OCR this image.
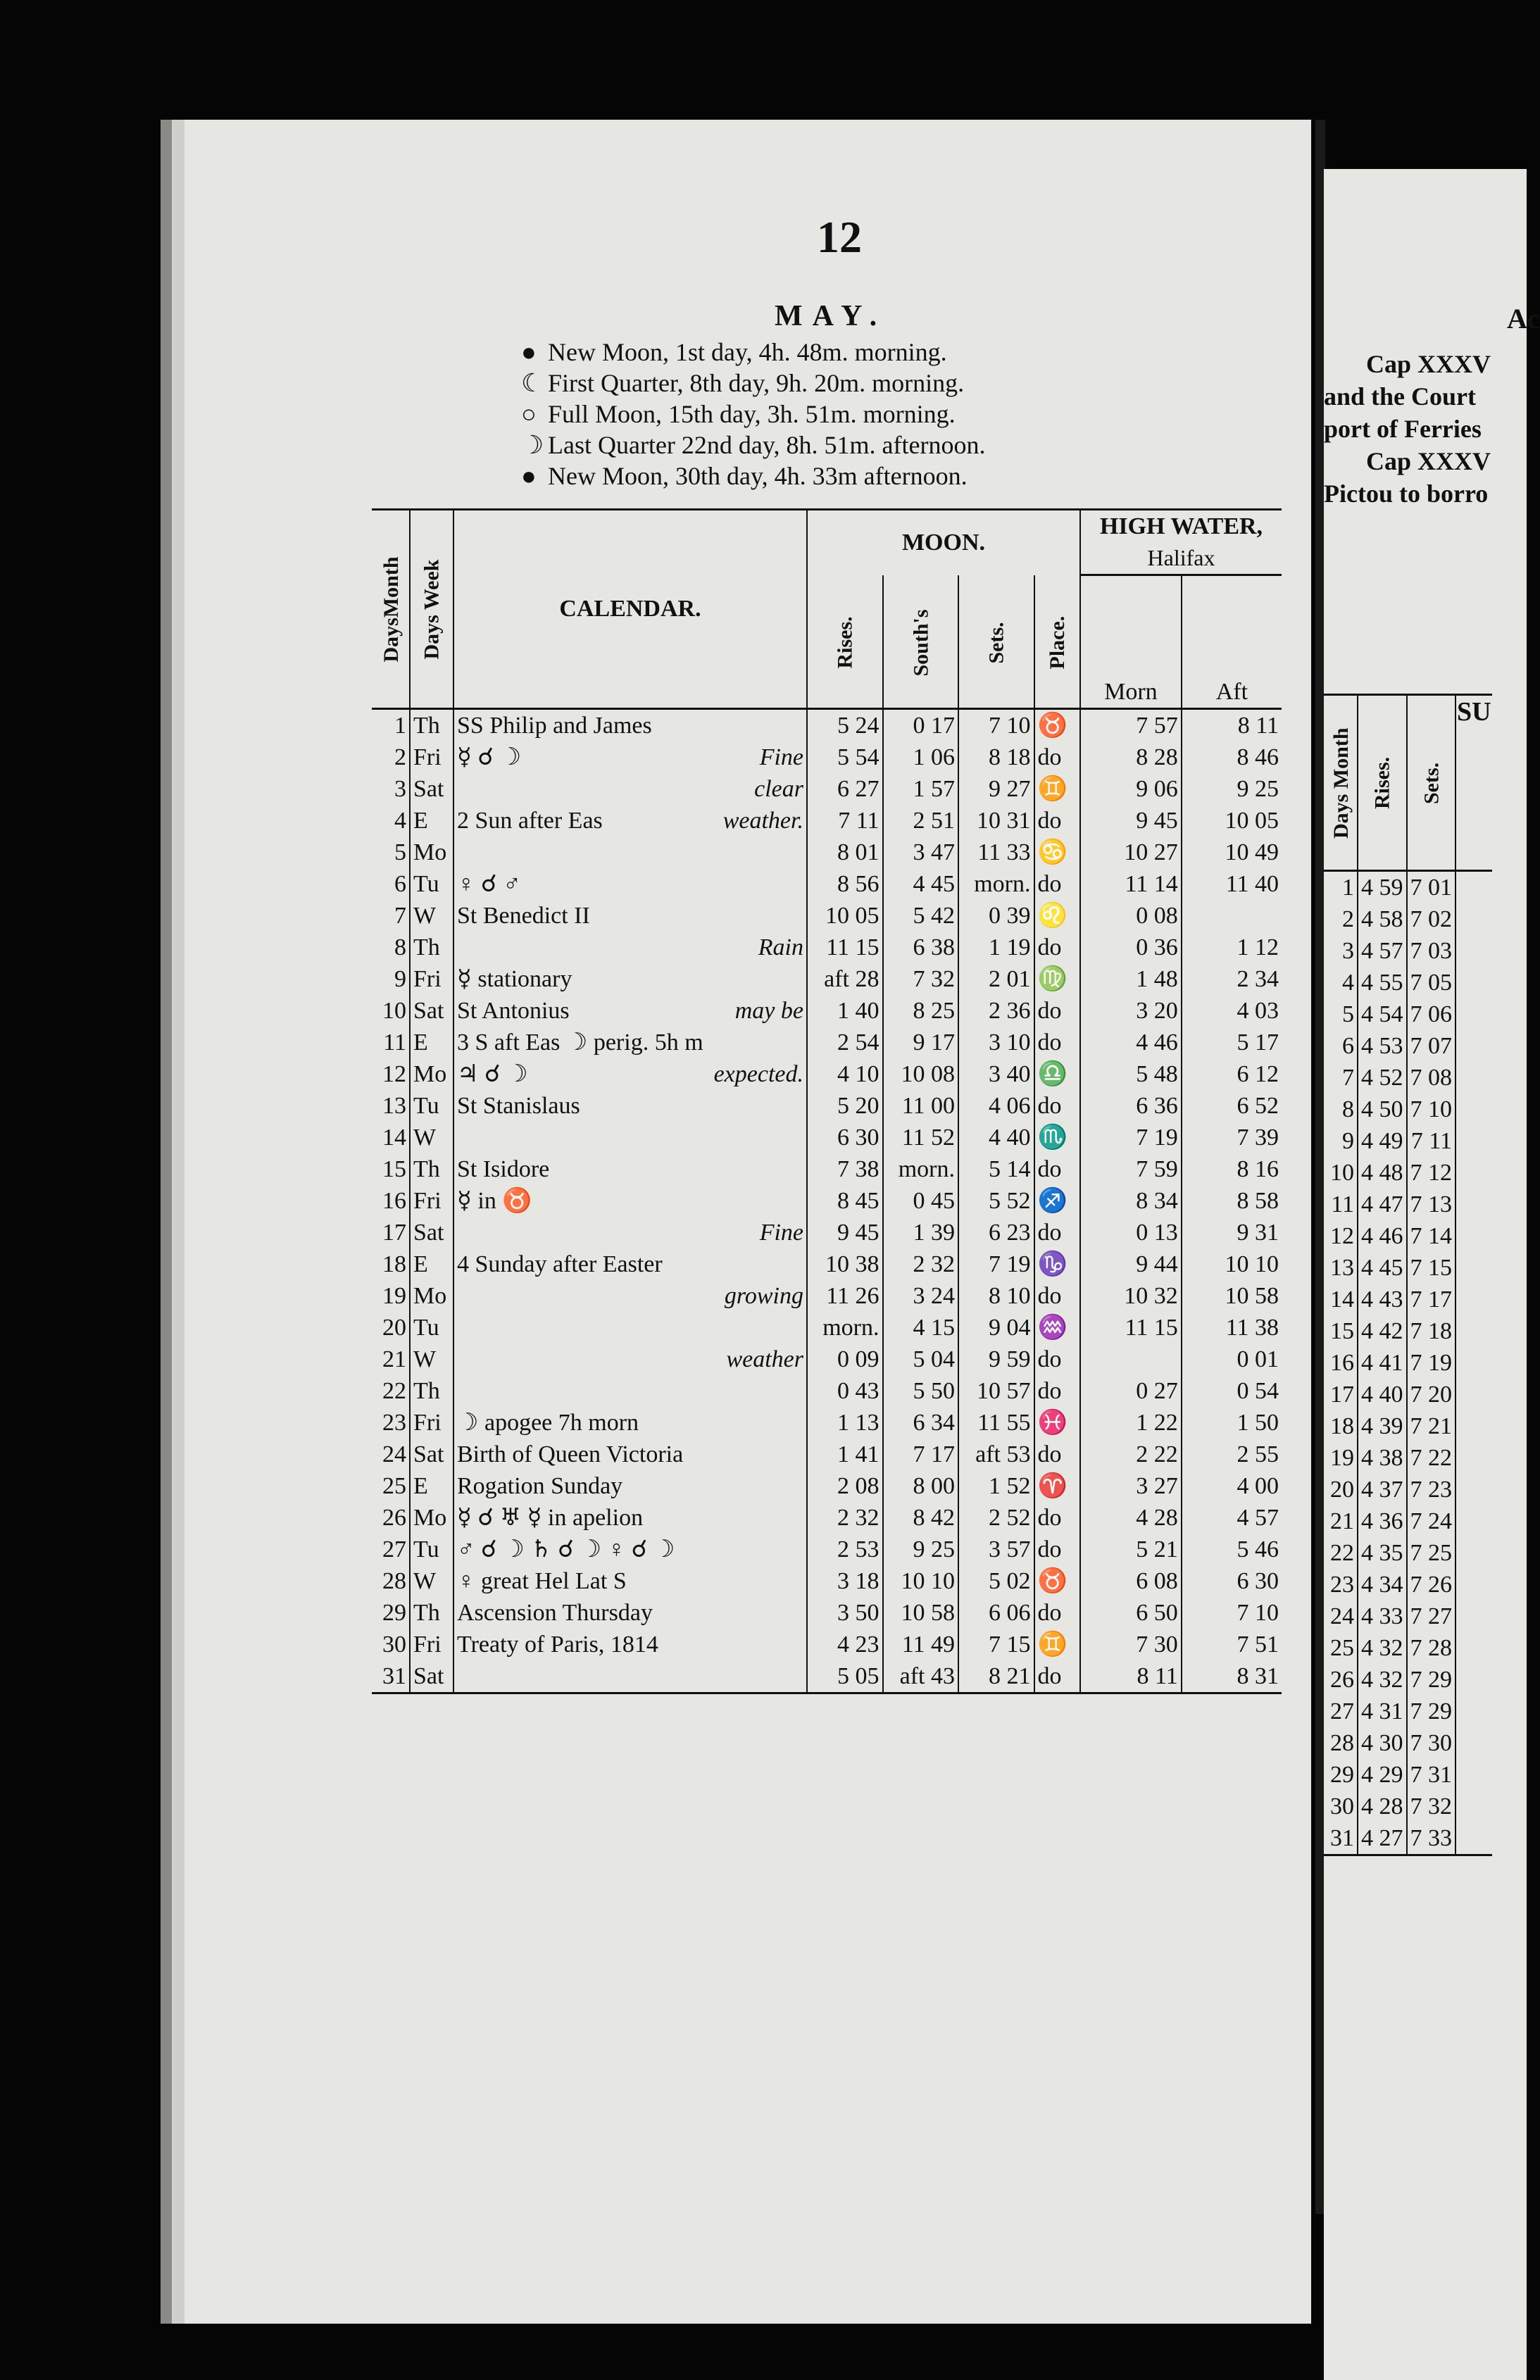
12
MAY.
● New Moon, 1st day, 4h. 48m. morning.
☾ First Quarter, 8th day, 9h. 20m. morning.
○ Full Moon, 15th day, 3h. 51m. morning.
☽ Last Quarter 22nd day, 8h. 51m. afternoon.
● New Moon, 30th day, 4h. 33m afternoon.
DaysMonth	Days Week	CALENDAR.	MOON.				HIGH WATER,
Halifax	

			Rises.	South's	Sets.	Place.	Morn	Aft
1	Th	SS Philip and James	5 24	0 17	7 10	♉	7 57	8 11
2	Fri	☿ ☌ ☽ Fine	5 54	1 06	8 18	do	8 28	8 46
3	Sat	clear	6 27	1 57	9 27	♊	9 06	9 25
4	E	2 Sun after Eas weather.	7 11	2 51	10 31	do	9 45	10 05
5	Mo		8 01	3 47	11 33	♋	10 27	10 49
6	Tu	♀ ☌ ♂	8 56	4 45	morn.	do	11 14	11 40
7	W	St Benedict II	10 05	5 42	0 39	♌	0 08	
8	Th	Rain	11 15	6 38	1 19	do	0 36	1 12
9	Fri	☿ stationary	aft 28	7 32	2 01	♍	1 48	2 34
10	Sat	St Antonius may be	1 40	8 25	2 36	do	3 20	4 03
11	E	3 S aft Eas ☽ perig. 5h m	2 54	9 17	3 10	do	4 46	5 17
12	Mo	♃ ☌ ☽ expected.	4 10	10 08	3 40	♎	5 48	6 12
13	Tu	St Stanislaus	5 20	11 00	4 06	do	6 36	6 52
14	W		6 30	11 52	4 40	♏	7 19	7 39
15	Th	St Isidore	7 38	morn.	5 14	do	7 59	8 16
16	Fri	☿ in ♉	8 45	0 45	5 52	♐	8 34	8 58
17	Sat	Fine	9 45	1 39	6 23	do	0 13	9 31
18	E	4 Sunday after Easter	10 38	2 32	7 19	♑	9 44	10 10
19	Mo	growing	11 26	3 24	8 10	do	10 32	10 58
20	Tu		morn.	4 15	9 04	♒	11 15	11 38
21	W	weather	0 09	5 04	9 59	do		0 01
22	Th		0 43	5 50	10 57	do	0 27	0 54
23	Fri	☽ apogee 7h morn	1 13	6 34	11 55	♓	1 22	1 50
24	Sat	Birth of Queen Victoria	1 41	7 17	aft 53	do	2 22	2 55
25	E	Rogation Sunday	2 08	8 00	1 52	♈	3 27	4 00
26	Mo	☿ ☌ ♅ ☿ in apelion	2 32	8 42	2 52	do	4 28	4 57
27	Tu	♂ ☌ ☽ ♄ ☌ ☽ ♀ ☌ ☽	2 53	9 25	3 57	do	5 21	5 46
28	W	♀ great Hel Lat S	3 18	10 10	5 02	♉	6 08	6 30
29	Th	Ascension Thursday	3 50	10 58	6 06	do	6 50	7 10
30	Fri	Treaty of Paris, 1814	4 23	11 49	7 15	♊	7 30	7 51
31	Sat		5 05	aft 43	8 21	do	8 11	8 31
Ac
Cap XXXV
and the Court
port of Ferries
Cap XXXV
Pictou to borro
Days Month	Rises.	Sets.	SU
1	4 59	7 01	
2	4 58	7 02	
3	4 57	7 03	
4	4 55	7 05	
5	4 54	7 06	
6	4 53	7 07	
7	4 52	7 08	
8	4 50	7 10	
9	4 49	7 11	
10	4 48	7 12	
11	4 47	7 13	
12	4 46	7 14	
13	4 45	7 15	
14	4 43	7 17	
15	4 42	7 18	
16	4 41	7 19	
17	4 40	7 20	
18	4 39	7 21	
19	4 38	7 22	
20	4 37	7 23	
21	4 36	7 24	
22	4 35	7 25	
23	4 34	7 26	
24	4 33	7 27	
25	4 32	7 28	
26	4 32	7 29	
27	4 31	7 29	
28	4 30	7 30	
29	4 29	7 31	
30	4 28	7 32	
31	4 27	7 33	
